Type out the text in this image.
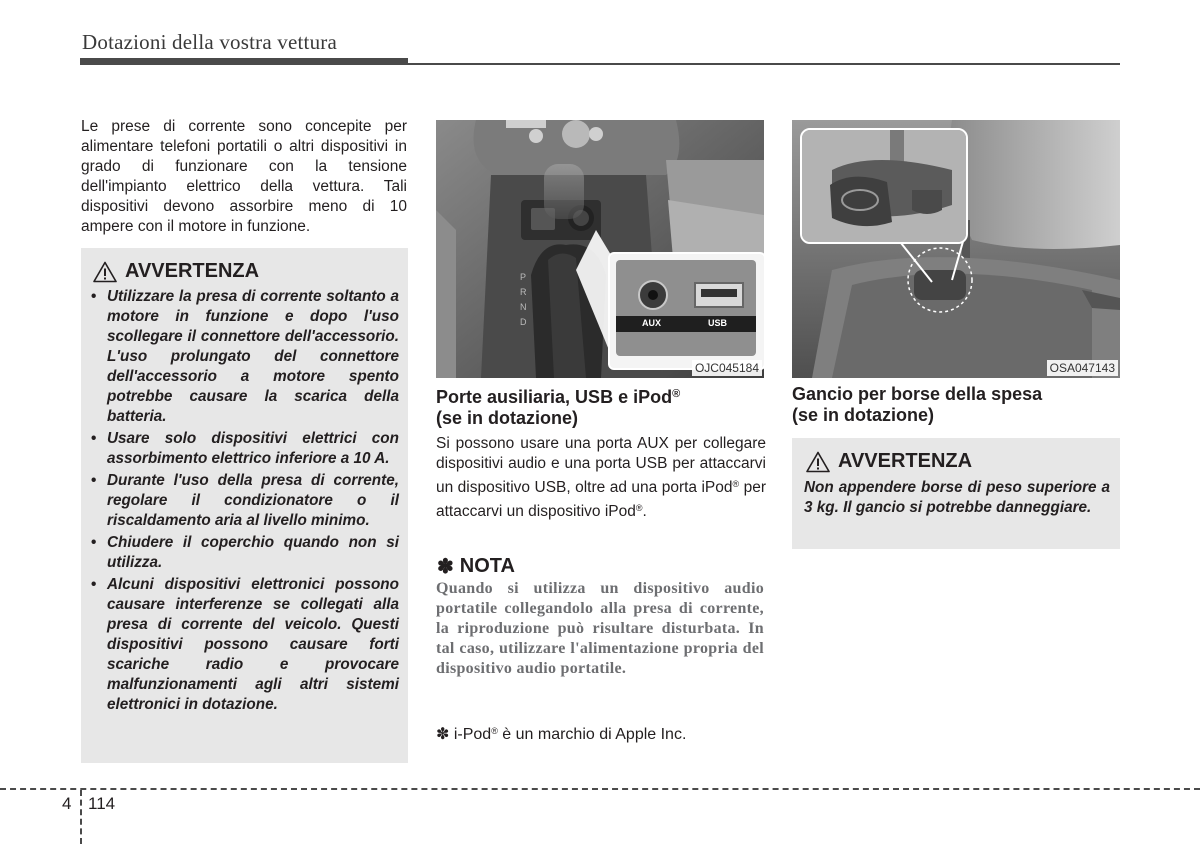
Dotazioni della vostra vettura

Le prese di corrente sono concepite per alimentare telefoni portatili o altri dispositivi in grado di funzionare con la tensione dell'impianto elettrico della vettura. Tali dispositivi devono assorbire meno di 10 ampere con il motore in funzione.

AVVERTENZA
• Utilizzare la presa di corrente soltanto a motore in funzione e dopo l'uso scollegare il connettore dell'accessorio. L'uso prolungato del connettore dell'accessorio a motore spento potrebbe causare la scarica della batteria.
• Usare solo dispositivi elettrici con assorbimento elettrico inferiore a 10 A.
• Durante l'uso della presa di corrente, regolare il condizionatore o il riscaldamento aria al livello minimo.
• Chiudere il coperchio quando non si utilizza.
• Alcuni dispositivi elettronici possono causare interferenze se collegati alla presa di corrente del veicolo. Questi dispositivi possono causare forti scariche radio e provocare malfunzionamenti agli altri sistemi elettronici in dotazione.
P
R
N
D	AUX	USB
OJC045184

Porte ausiliaria, USB e iPod®

(se in dotazione)

Si possono usare una porta AUX per collegare dispositivi audio e una porta USB per attaccarvi un dispositivo USB, oltre ad una porta iPod® per attaccarvi un dispositivo iPod®.

✽ NOTA

Quando si utilizza un dispositivo audio portatile collegandolo alla presa di corrente, la riproduzione può risultare disturbata. In tal caso, utilizzare l'alimentazione propria del dispositivo audio portatile.

✽ i-Pod® è un marchio di Apple Inc.

OSA047143

Gancio per borse della spesa

(se in dotazione)

AVVERTENZA

Non appendere borse di peso superiore a 3 kg. Il gancio si potrebbe danneggiare.

4 114
